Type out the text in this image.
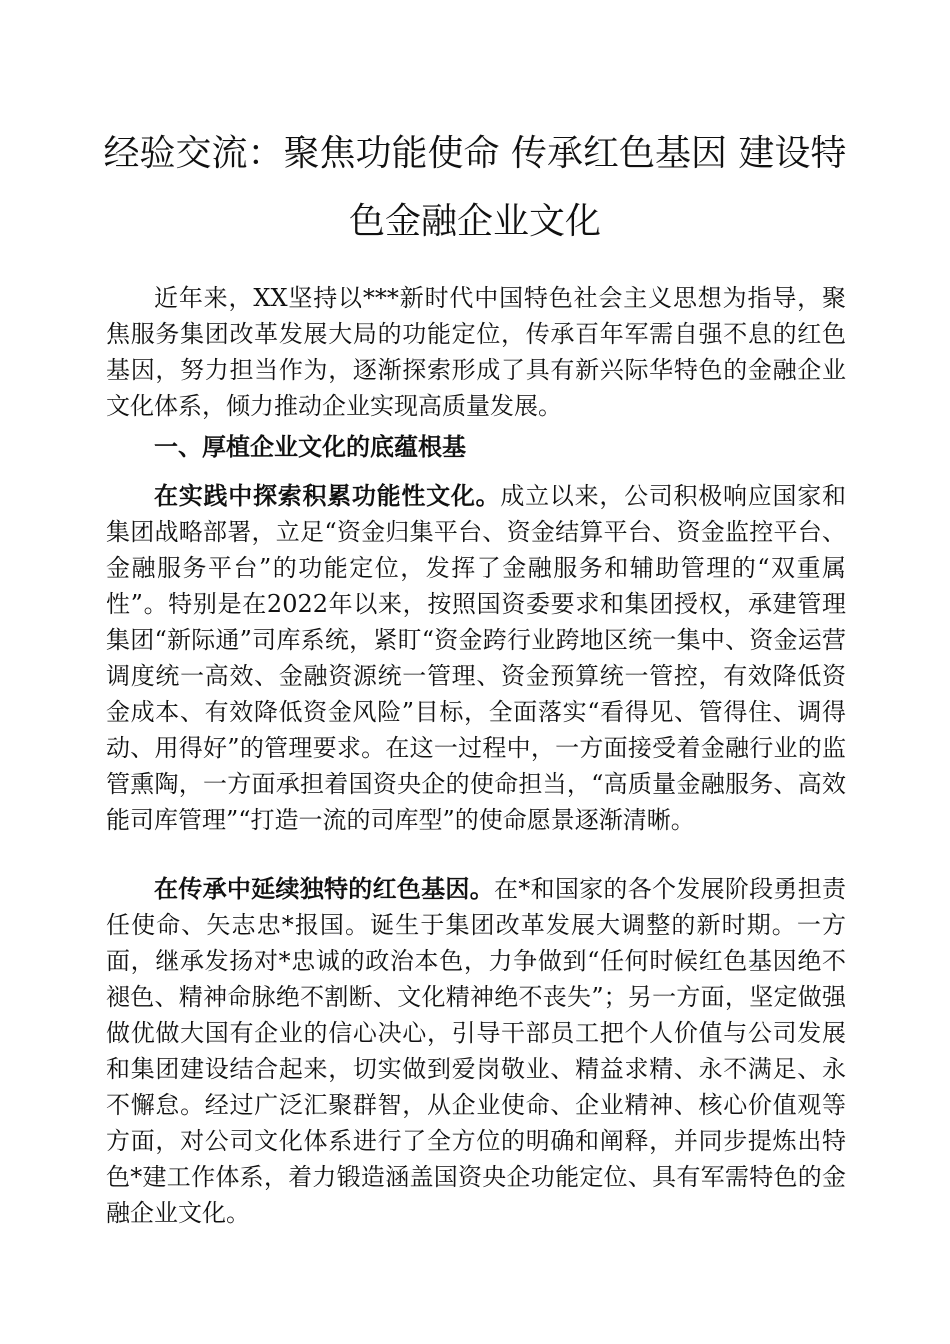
经验交流：聚焦功能使命 传承红色基因 建设特
色金融企业文化

近年来，XX坚持以***新时代中国特色社会主义思想为指导，聚焦服务集团改革发展大局的功能定位，传承百年军需自强不息的红色基因，努力担当作为，逐渐探索形成了具有新兴际华特色的金融企业文化体系，倾力推动企业实现高质量发展。

一、厚植企业文化的底蕴根基

在实践中探索积累功能性文化。成立以来，公司积极响应国家和集团战略部署，立足“资金归集平台、资金结算平台、资金监控平台、金融服务平台”的功能定位，发挥了金融服务和辅助管理的“双重属性”。特别是在2022年以来，按照国资委要求和集团授权，承建管理集团“新际通”司库系统，紧盯“资金跨行业跨地区统一集中、资金运营调度统一高效、金融资源统一管理、资金预算统一管控，有效降低资金成本、有效降低资金风险”目标，全面落实“看得见、管得住、调得动、用得好”的管理要求。在这一过程中，一方面接受着金融行业的监管熏陶，一方面承担着国资央企的使命担当，“高质量金融服务、高效能司库管理”“打造一流的司库型”的使命愿景逐渐清晰。

在传承中延续独特的红色基因。在*和国家的各个发展阶段勇担责任使命、矢志忠*报国。诞生于集团改革发展大调整的新时期。一方面，继承发扬对*忠诚的政治本色，力争做到“任何时候红色基因绝不褪色、精神命脉绝不割断、文化精神绝不丧失”；另一方面，坚定做强做优做大国有企业的信心决心，引导干部员工把个人价值与公司发展和集团建设结合起来，切实做到爱岗敬业、精益求精、永不满足、永不懈怠。经过广泛汇聚群智，从企业使命、企业精神、核心价值观等方面，对公司文化体系进行了全方位的明确和阐释，并同步提炼出特色*建工作体系，着力锻造涵盖国资央企功能定位、具有军需特色的金融企业文化。
